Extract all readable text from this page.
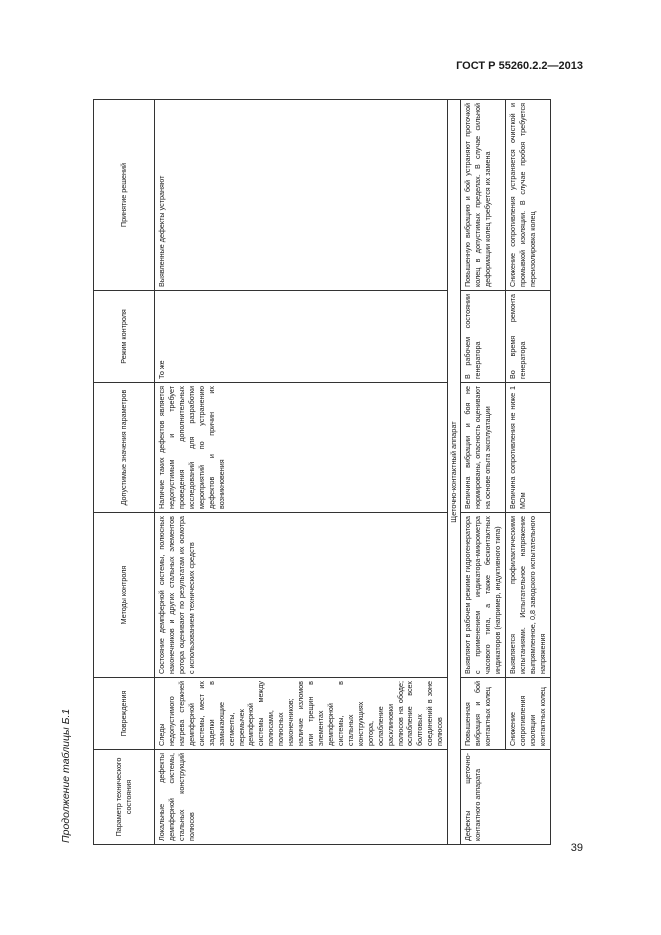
ГОСТ Р 55260.2.2—2013
Продолжение таблицы Б.1	Параметр технического состояния	Повреждения	Методы контроля	Допустимые значения параметров	Режим контроля	Принятие решений
Локальные дефекты демпферной системы, стальных конструкций полюсов	Следы недопустимого нагрева стержней демпферной системы, мест их заделки в замыкающие сегменты, перемычек демпферной системы между полюсами, полюсных наконечников; наличие изломов или трещин в элементах демпферной системы, в стальных конструкциях ротора, ослабление расклиновки полюсов на ободе; ослабление всех болтовых соединений в зоне полюсов	Состояние демпферной системы, полюсных наконечников и других стальных элементов ротора оценивают по результатам их осмотра с использованием технических средств	Наличие таких дефектов является недопустимым и требует проведения дополнительных исследований для разработки мероприятий по устранению дефектов и причин их возникновения	То же	Выявленные дефекты устраняют
Щеточно-контактный аппарат					
Дефекты щеточно-контактного аппарата	Повышенная вибрация и бой контактных колец	Выявляют в рабочем режиме гидрогенератора с применением индикатора-микрометра часового типа, а также бесконтактных индикаторов (например, индуктивного типа)	Величина вибрации и боя не нормированы, опасность оценивают на основе опыта эксплуатации	В рабочем состоянии генератора	Повышенную вибрацию и бой устраняют проточкой колец в допустимых пределах. В случае сильной деформации колец требуется их замена
	Снижение сопротивления изоляции контактных колец	Выявляется профилактическими испытаниями. Испытательное напряжение выпрямленное, 0,8 заводского испытательного напряжения	Величина сопротивления не ниже 1 МОм	Во время ремонта генератора	Снижение сопротивления устраняется очисткой и промывкой изоляции. В случае пробоя требуется переизолировка колец
39
